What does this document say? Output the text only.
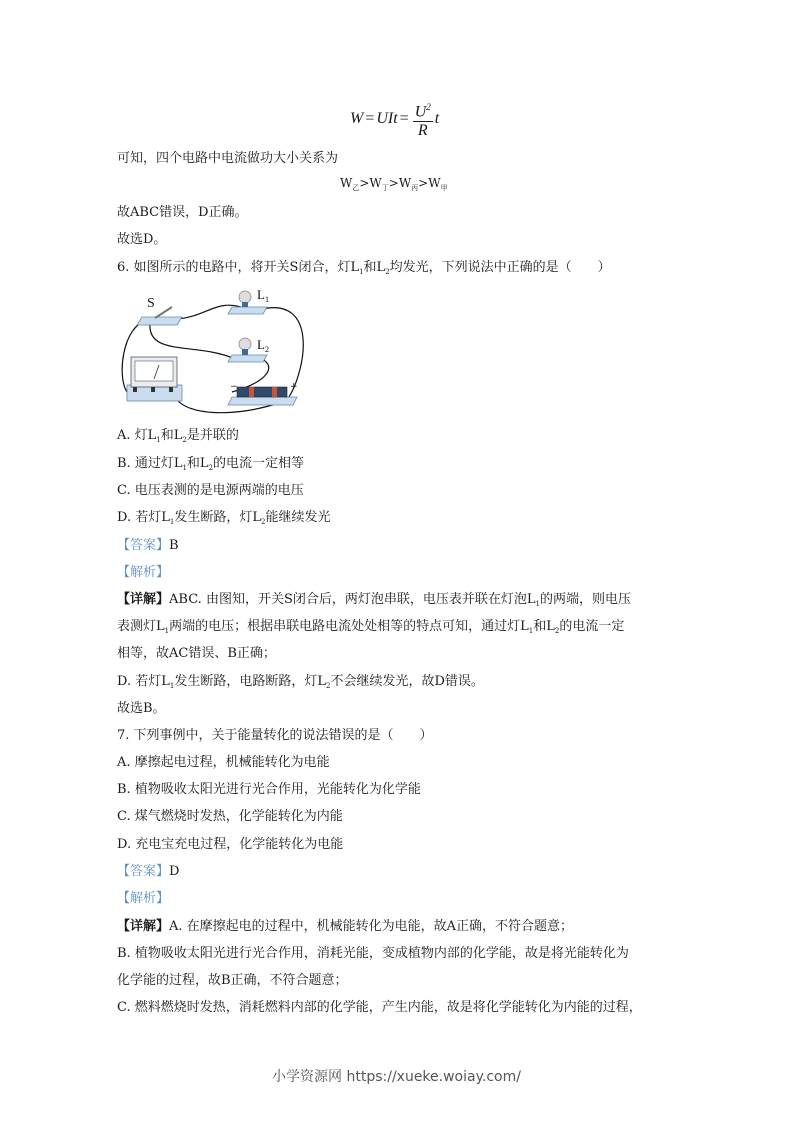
W = UIt = $\frac{U^2}{R}$ t
可知，四个电路中电流做功大小关系为
$W_乙>W_丁>W_丙>W_甲$
故ABC错误，D正确。
故选D。
6. 如图所示的电路中，将开关S闭合，灯$L_1$和$L_2$均发光，下列说法中正确的是（　　）
S
$L_1$
$L_2$
−	+
A. 灯$L_1$和$L_2$是并联的
B. 通过灯$L_1$和$L_2$的电流一定相等
C. 电压表测的是电源两端的电压
D. 若灯$L_1$发生断路，灯$L_2$能继续发光
【答案】B
【解析】
【详解】ABC. 由图知，开关S闭合后，两灯泡串联，电压表并联在灯泡$L_1$的两端，则电压
表测灯$L_1$两端的电压；根据串联电路电流处处相等的特点可知，通过灯$L_1$和$L_2$的电流一定
相等，故AC错误、B正确；
D. 若灯$L_1$发生断路，电路断路，灯$L_2$不会继续发光，故D错误。
故选B。
7. 下列事例中，关于能量转化的说法错误的是（　　）
A. 摩擦起电过程，机械能转化为电能
B. 植物吸收太阳光进行光合作用，光能转化为化学能
C. 煤气燃烧时发热，化学能转化为内能
D. 充电宝充电过程，化学能转化为电能
【答案】D
【解析】
【详解】A. 在摩擦起电的过程中，机械能转化为电能，故A正确，不符合题意；
B. 植物吸收太阳光进行光合作用，消耗光能，变成植物内部的化学能，故是将光能转化为
化学能的过程，故B正确，不符合题意；
C. 燃料燃烧时发热，消耗燃料内部的化学能，产生内能，故是将化学能转化为内能的过程，
小学资源网 https://xueke.woiay.com/
